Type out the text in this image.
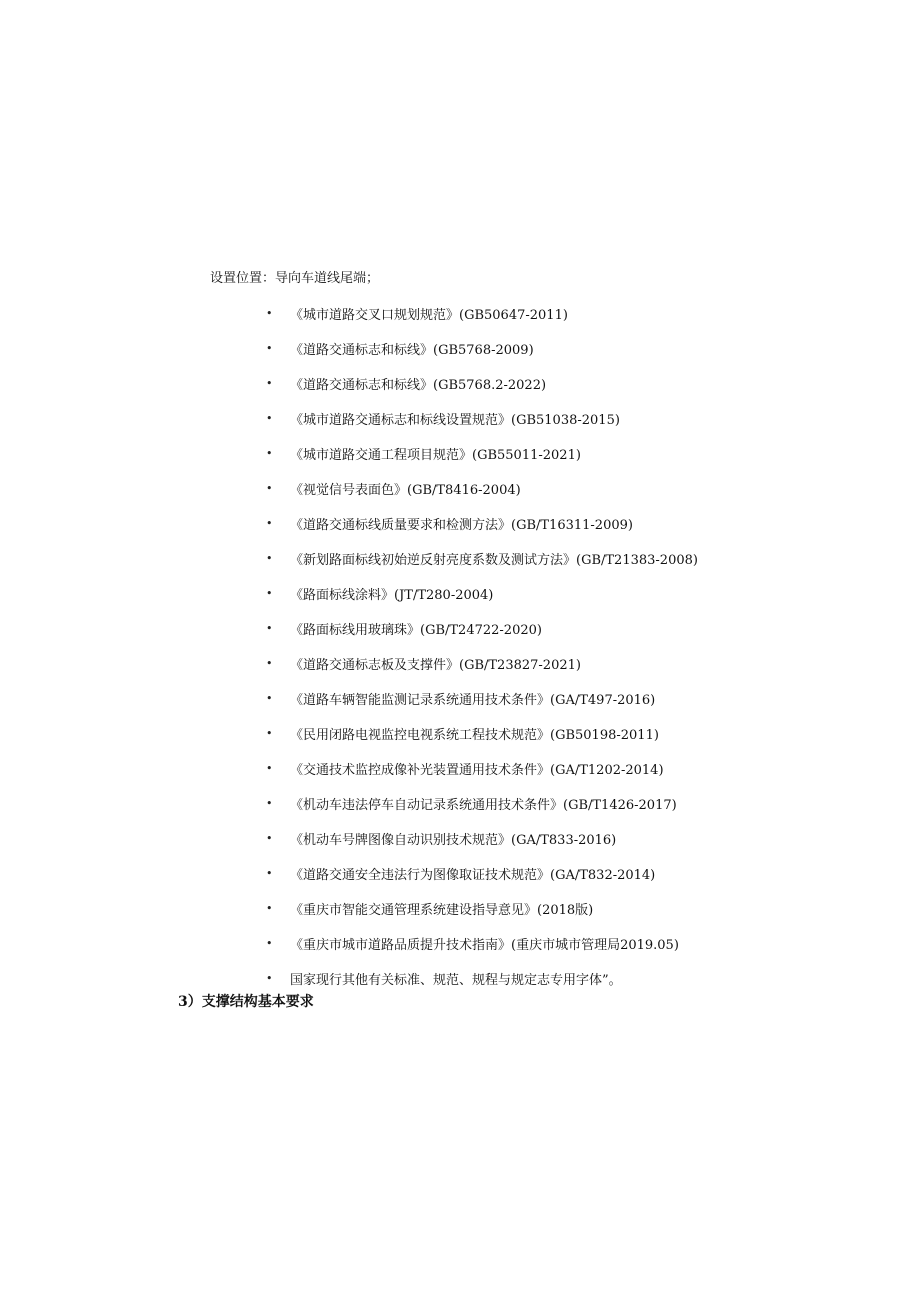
设置位置：导向车道线尾端；
•	《城市道路交叉口规划规范》(GB50647-2011)
•	《道路交通标志和标线》(GB5768-2009)
•	《道路交通标志和标线》(GB5768.2-2022)
•	《城市道路交通标志和标线设置规范》(GB51038-2015)
•	《城市道路交通工程项目规范》(GB55011-2021)
•	《视觉信号表面色》(GB/T8416-2004)
•	《道路交通标线质量要求和检测方法》(GB/T16311-2009)
•	《新划路面标线初始逆反射亮度系数及测试方法》(GB/T21383-2008)
•	《路面标线涂料》(JT/T280-2004)
•	《路面标线用玻璃珠》(GB/T24722-2020)
•	《道路交通标志板及支撑件》(GB/T23827-2021)
•	《道路车辆智能监测记录系统通用技术条件》(GA/T497-2016)
•	《民用闭路电视监控电视系统工程技术规范》(GB50198-2011)
•	《交通技术监控成像补光装置通用技术条件》(GA/T1202-2014)
•	《机动车违法停车自动记录系统通用技术条件》(GB/T1426-2017)
•	《机动车号牌图像自动识别技术规范》(GA/T833-2016)
•	《道路交通安全违法行为图像取证技术规范》(GA/T832-2014)
•	《重庆市智能交通管理系统建设指导意见》(2018版)
•	《重庆市城市道路品质提升技术指南》(重庆市城市管理局2019.05)
•	国家现行其他有关标准、规范、规程与规定志专用字体”。
3）支撑结构基本要求
